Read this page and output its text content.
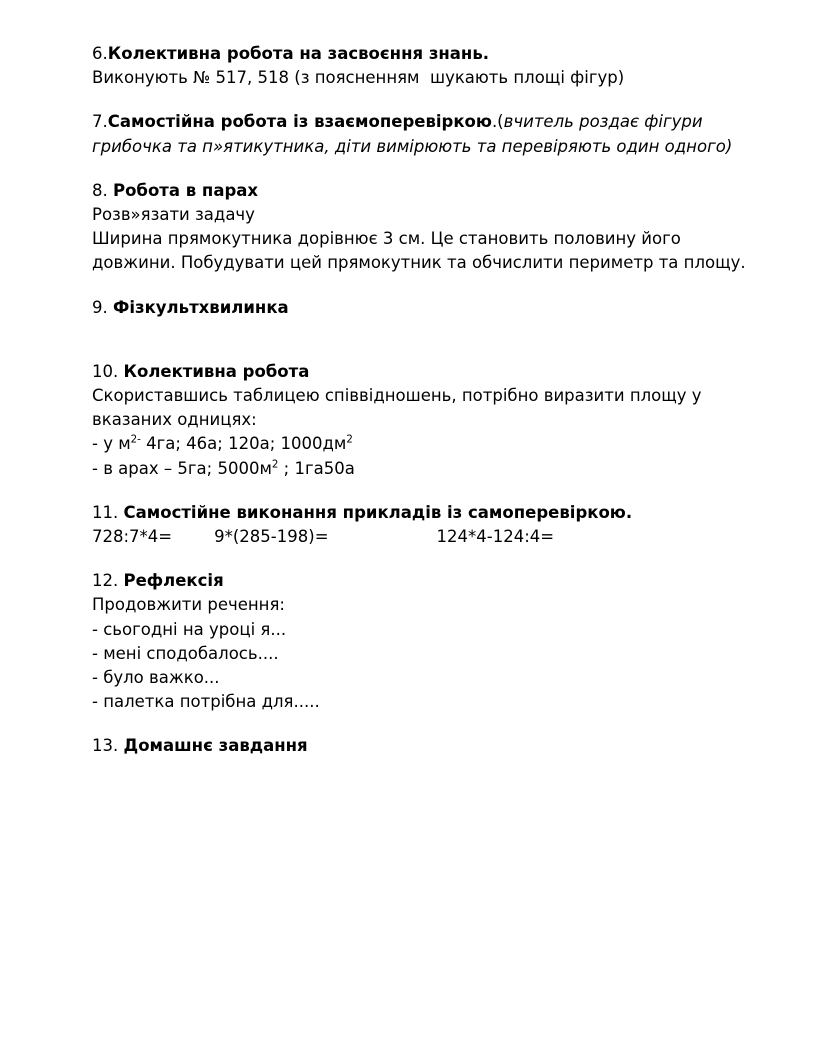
6.Колективна робота на засвоєння знань.
Виконують № 517, 518 (з поясненням  шукають площі фігур)
7.Самостійна робота із взаємоперевіркою.(вчитель роздає фігури грибочка та п»ятикутника, діти вимірюють та перевіряють один одного)
8. Робота в парах
Розв»язати задачу
Ширина прямокутника дорівнює 3 см. Це становить половину його довжини. Побудувати цей прямокутник та обчислити периметр та площу.
9. Фізкультхвилинка
10. Колективна робота
Скориставшись таблицею співвідношень, потрібно виразити площу у вказаних одницях:
- у $м^{2-}$ 4га; 46а; 120а; $1000дм^2$
- в арах – 5га; $5000м^2$ ; 1га50а
11. Самостійне виконання прикладів із самоперевіркою.
728:7*4=	9*(285-198)=	124*4-124:4=
12. Рефлексія
Продовжити речення:
- сьогодні на уроці я...
- мені сподобалось....
- було важко...
- палетка потрібна для.....
13. Домашнє завдання
